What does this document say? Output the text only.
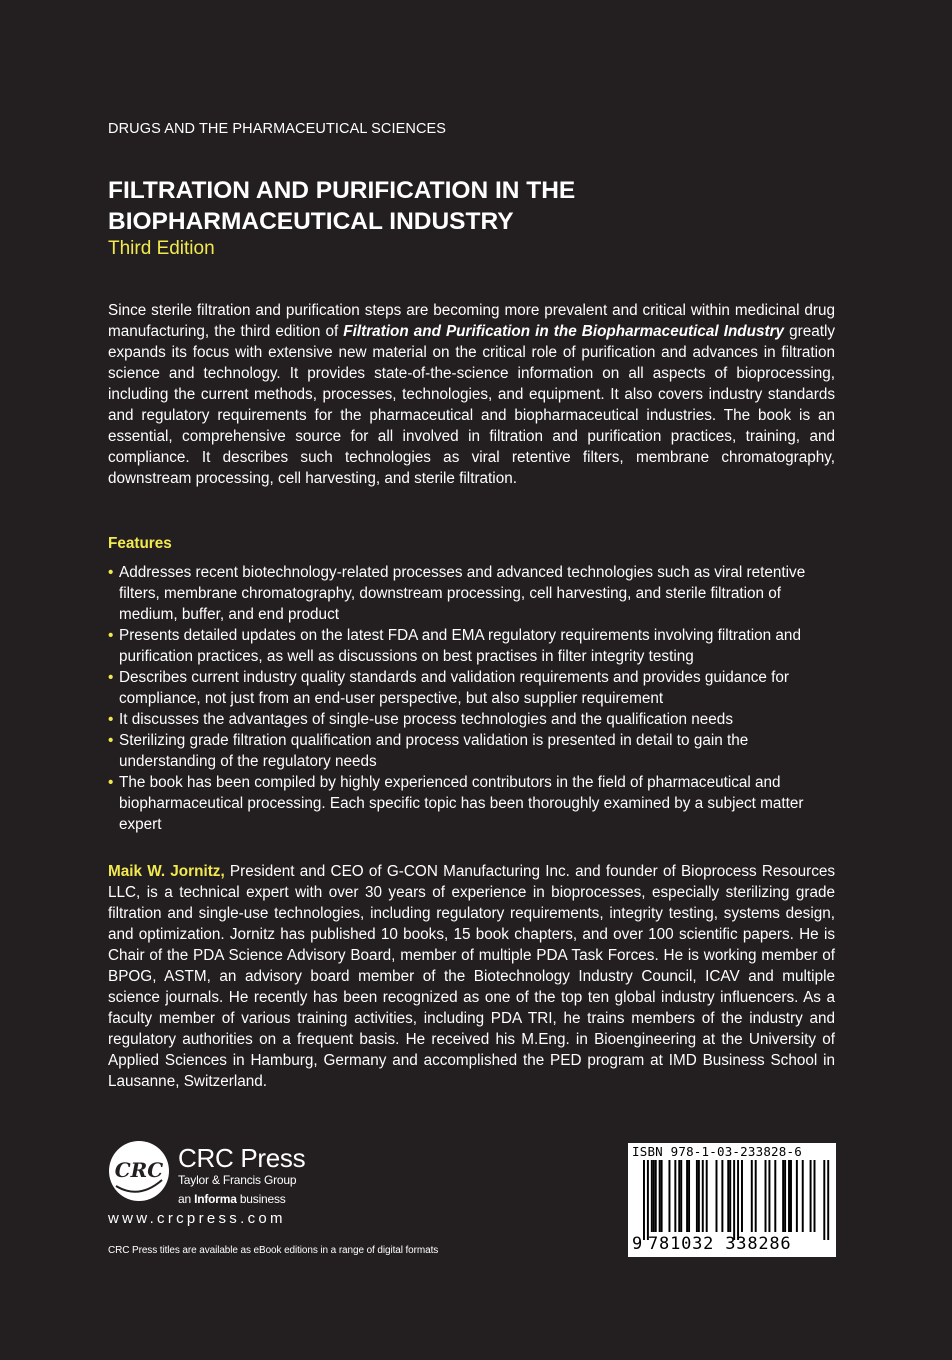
DRUGS AND THE PHARMACEUTICAL SCIENCES
FILTRATION AND PURIFICATION IN THE
BIOPHARMACEUTICAL INDUSTRY
Third Edition
Since sterile filtration and purification steps are becoming more prevalent and critical within medicinal drug manufacturing, the third edition of Filtration and Purification in the Biopharmaceutical Industry greatly expands its focus with extensive new material on the critical role of purification and advances in filtration science and technology. It provides state-of-the-science information on all aspects of bioprocessing, including the current methods, processes, technologies, and equipment. It also covers industry standards and regulatory requirements for the pharmaceutical and biopharmaceutical industries. The book is an essential, comprehensive source for all involved in filtration and purification practices, training, and compliance. It describes such technologies as viral retentive filters, membrane chromatography, downstream processing, cell harvesting, and sterile filtration.
Features
• Addresses recent biotechnology-related processes and advanced technologies such as viral retentive filters, membrane chromatography, downstream processing, cell harvesting, and sterile filtration of medium, buffer, and end product
• Presents detailed updates on the latest FDA and EMA regulatory requirements involving filtration and purification practices, as well as discussions on best practises in filter integrity testing
• Describes current industry quality standards and validation requirements and provides guidance for compliance, not just from an end-user perspective, but also supplier requirement
• It discusses the advantages of single-use process technologies and the qualification needs
• Sterilizing grade filtration qualification and process validation is presented in detail to gain the understanding of the regulatory needs
• The book has been compiled by highly experienced contributors in the field of pharmaceutical and biopharmaceutical processing. Each specific topic has been thoroughly examined by a subject matter expert
Maik W. Jornitz, President and CEO of G-CON Manufacturing Inc. and founder of Bioprocess Resources LLC, is a technical expert with over 30 years of experience in bioprocesses, especially sterilizing grade filtration and single-use technologies, including regulatory requirements, integrity testing, systems design, and optimization. Jornitz has published 10 books, 15 book chapters, and over 100 scientific papers. He is Chair of the PDA Science Advisory Board, member of multiple PDA Task Forces. He is working member of BPOG, ASTM, an advisory board member of the Biotechnology Industry Council, ICAV and multiple science journals. He recently has been recognized as one of the top ten global industry influencers. As a faculty member of various training activities, including PDA TRI, he trains members of the industry and regulatory authorities on a frequent basis. He received his M.Eng. in Bioengineering at the University of Applied Sciences in Hamburg, Germany and accomplished the PED program at IMD Business School in Lausanne, Switzerland.
CRC CRC Press
Taylor & Francis Group
an Informa business
www.crcpress.com
CRC Press titles are available as eBook editions in a range of digital formats
ISBN 978-1-03-233828-6
9 781032 338286
